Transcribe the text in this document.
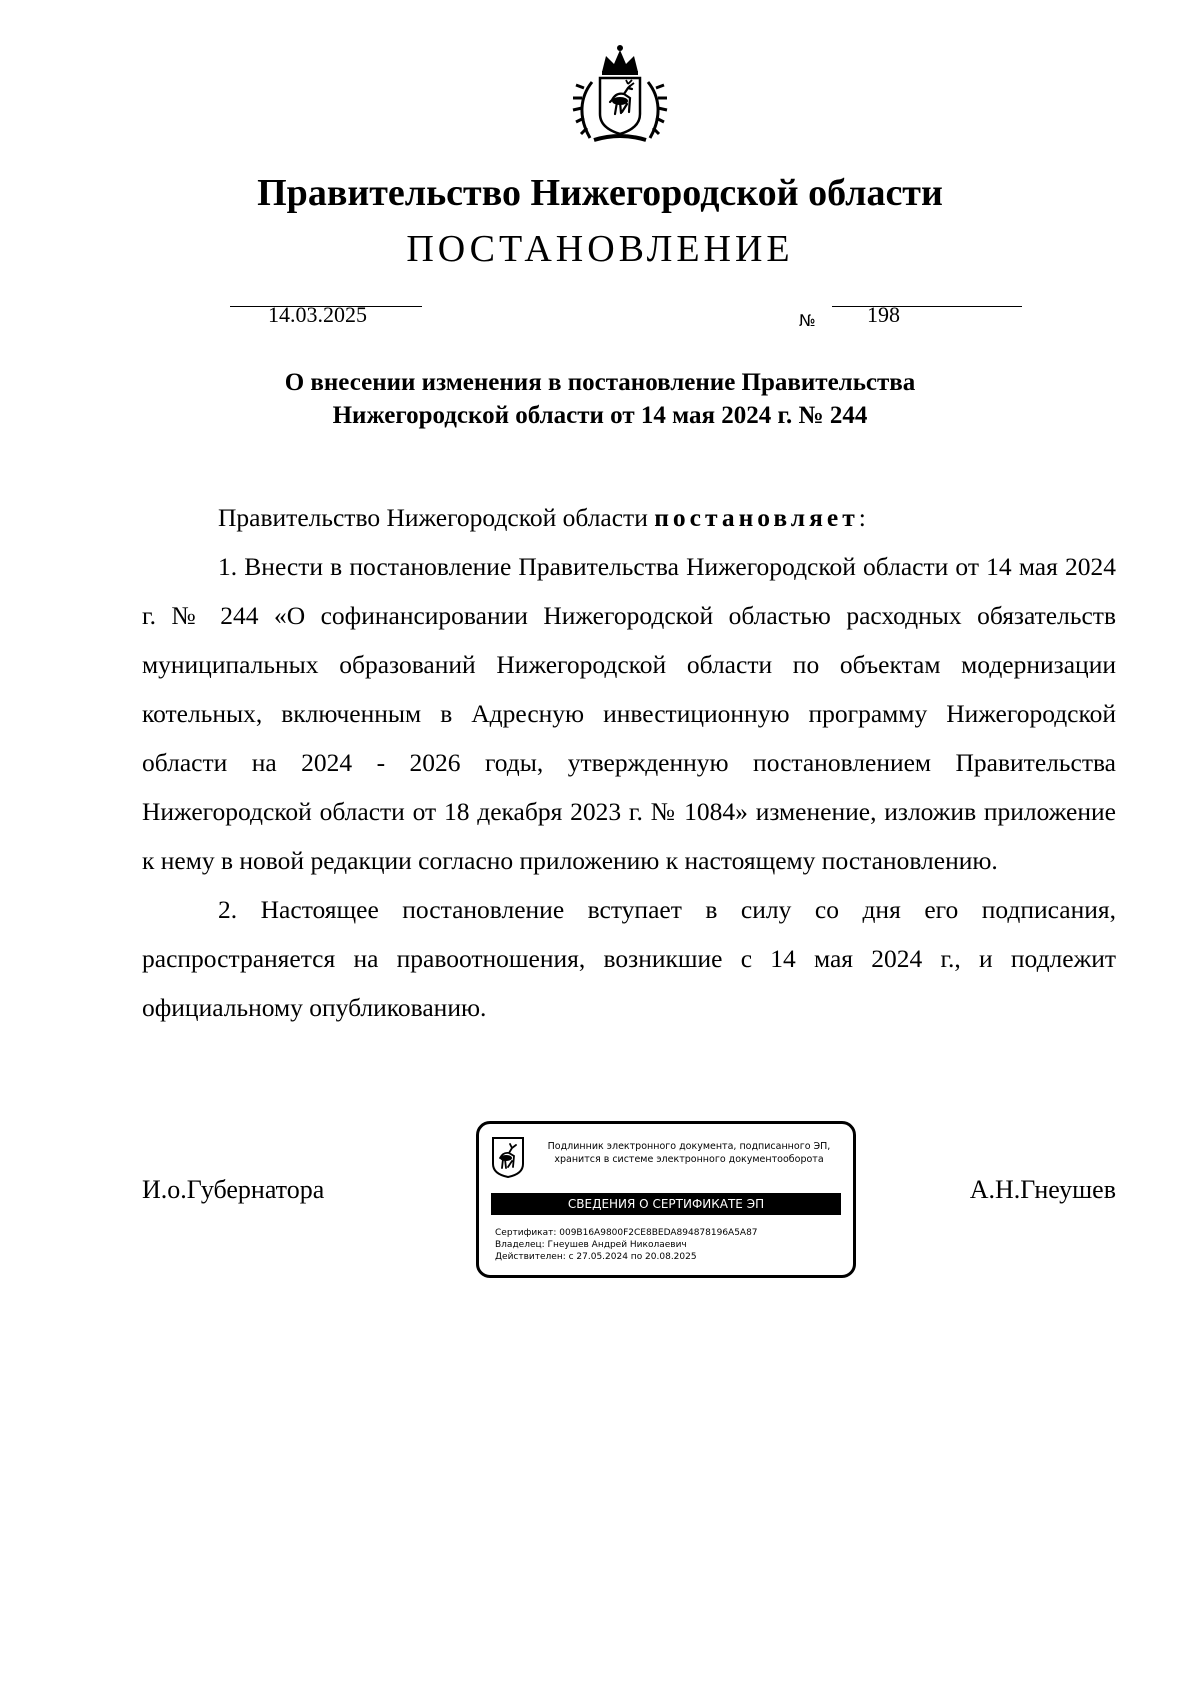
Правительство Нижегородской области
ПОСТАНОВЛЕНИЕ
14.03.2025	№ 198
О внесении изменения в постановление Правительства
Нижегородской области от 14 мая 2024 г. № 244

Правительство Нижегородской области постановляет:

1. Внести в постановление Правительства Нижегородской области от 14 мая 2024 г. № 244 «О софинансировании Нижегородской областью расходных обязательств муниципальных образований Нижегородской области по объектам модернизации котельных, включенным в Адресную инвестиционную программу Нижегородской области на 2024 - 2026 годы, утвержденную постановлением Правительства Нижегородской области от 18 декабря 2023 г. № 1084» изменение, изложив приложение к нему в новой редакции согласно приложению к настоящему постановлению.

2. Настоящее постановление вступает в силу со дня его подписания, распространяется на правоотношения, возникшие с 14 мая 2024 г., и подлежит официальному опубликованию.

И.о.Губернатора	А.Н.Гнеушев
Подлинник электронного документа, подписанного ЭП,
хранится в системе электронного документооборота
СВЕДЕНИЯ О СЕРТИФИКАТЕ ЭП
Сертификат: 009B16A9800F2CE8BEDA894878196A5A87
Владелец: Гнеушев Андрей Николаевич
Действителен: с 27.05.2024 по 20.08.2025
